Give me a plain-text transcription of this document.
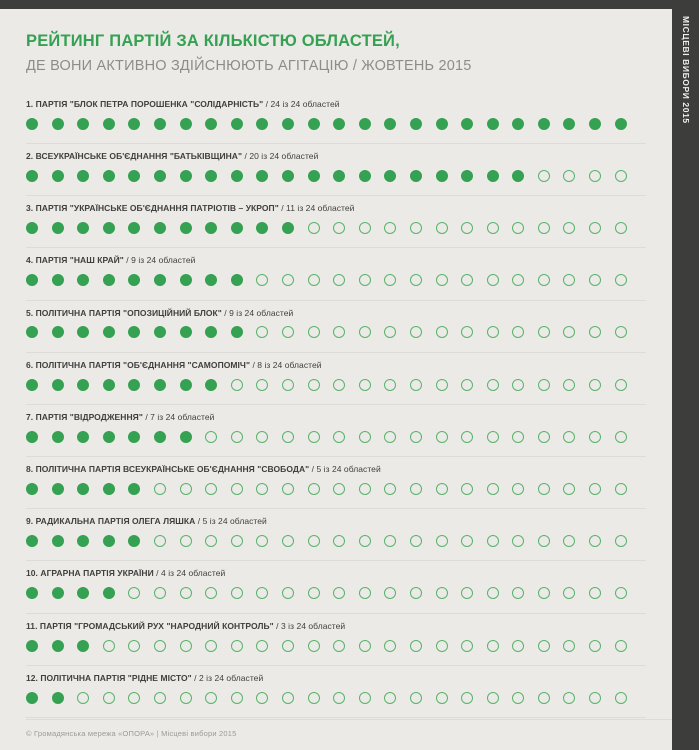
МІСЦЕВІ ВИБОРИ 2015
РЕЙТИНГ ПАРТІЙ ЗА КІЛЬКІСТЮ ОБЛАСТЕЙ,
ДЕ ВОНИ АКТИВНО ЗДІЙСНЮЮТЬ АГІТАЦІЮ / ЖОВТЕНЬ 2015
1. ПАРТІЯ "БЛОК ПЕТРА ПОРОШЕНКА "СОЛІДАРНІСТЬ" / 24 із 24 областей
2. ВСЕУКРАЇНСЬКЕ ОБ'ЄДНАННЯ "БАТЬКІВЩИНА" / 20 із 24 областей
3. ПАРТІЯ "УКРАЇНСЬКЕ ОБ'ЄДНАННЯ ПАТРІОТІВ – УКРОП" / 11 із 24 областей
4. ПАРТІЯ "НАШ КРАЙ" / 9 із 24 областей
5. ПОЛІТИЧНА ПАРТІЯ "ОПОЗИЦІЙНИЙ БЛОК" / 9 із 24 областей
6. ПОЛІТИЧНА ПАРТІЯ "ОБ'ЄДНАННЯ "САМОПОМІЧ" / 8 із 24 областей
7. ПАРТІЯ "ВІДРОДЖЕННЯ" / 7 із 24 областей
8. ПОЛІТИЧНА ПАРТІЯ ВСЕУКРАЇНСЬКЕ ОБ'ЄДНАННЯ "СВОБОДА" / 5 із 24 областей
9. РАДИКАЛЬНА ПАРТІЯ ОЛЕГА ЛЯШКА / 5 із 24 областей
10. АГРАРНА ПАРТІЯ УКРАЇНИ / 4 із 24 областей
11. ПАРТІЯ "ГРОМАДСЬКИЙ РУХ "НАРОДНИЙ КОНТРОЛЬ" / 3 із 24 областей
12. ПОЛІТИЧНА ПАРТІЯ "РІДНЕ МІСТО" / 2 із 24 областей
© Громадянська мережа «ОПОРА» | Місцеві вибори 2015
